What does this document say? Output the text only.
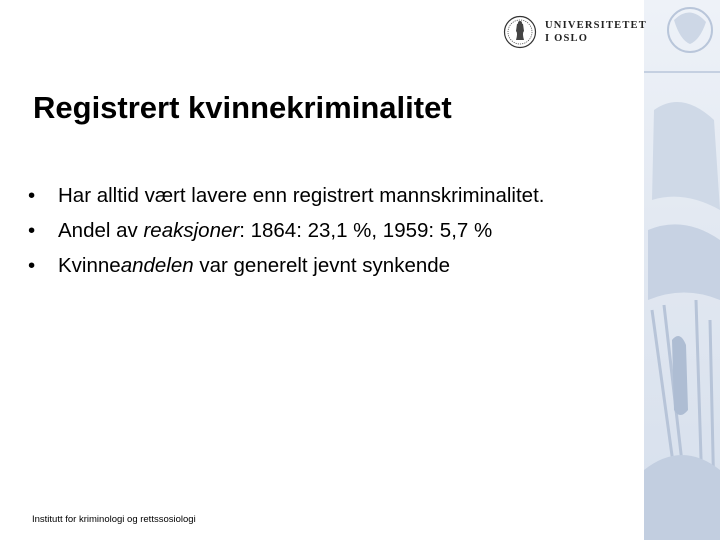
UNIVERSITETET
I OSLO
Registrert kvinnekriminalitet
•	Har alltid vært lavere enn registrert mannskriminalitet.
•	Andel av reaksjoner: 1864: 23,1 %, 1959: 5,7 %
•	Kvinneandelen var generelt jevnt synkende
Institutt for kriminologi og rettssosiologi
